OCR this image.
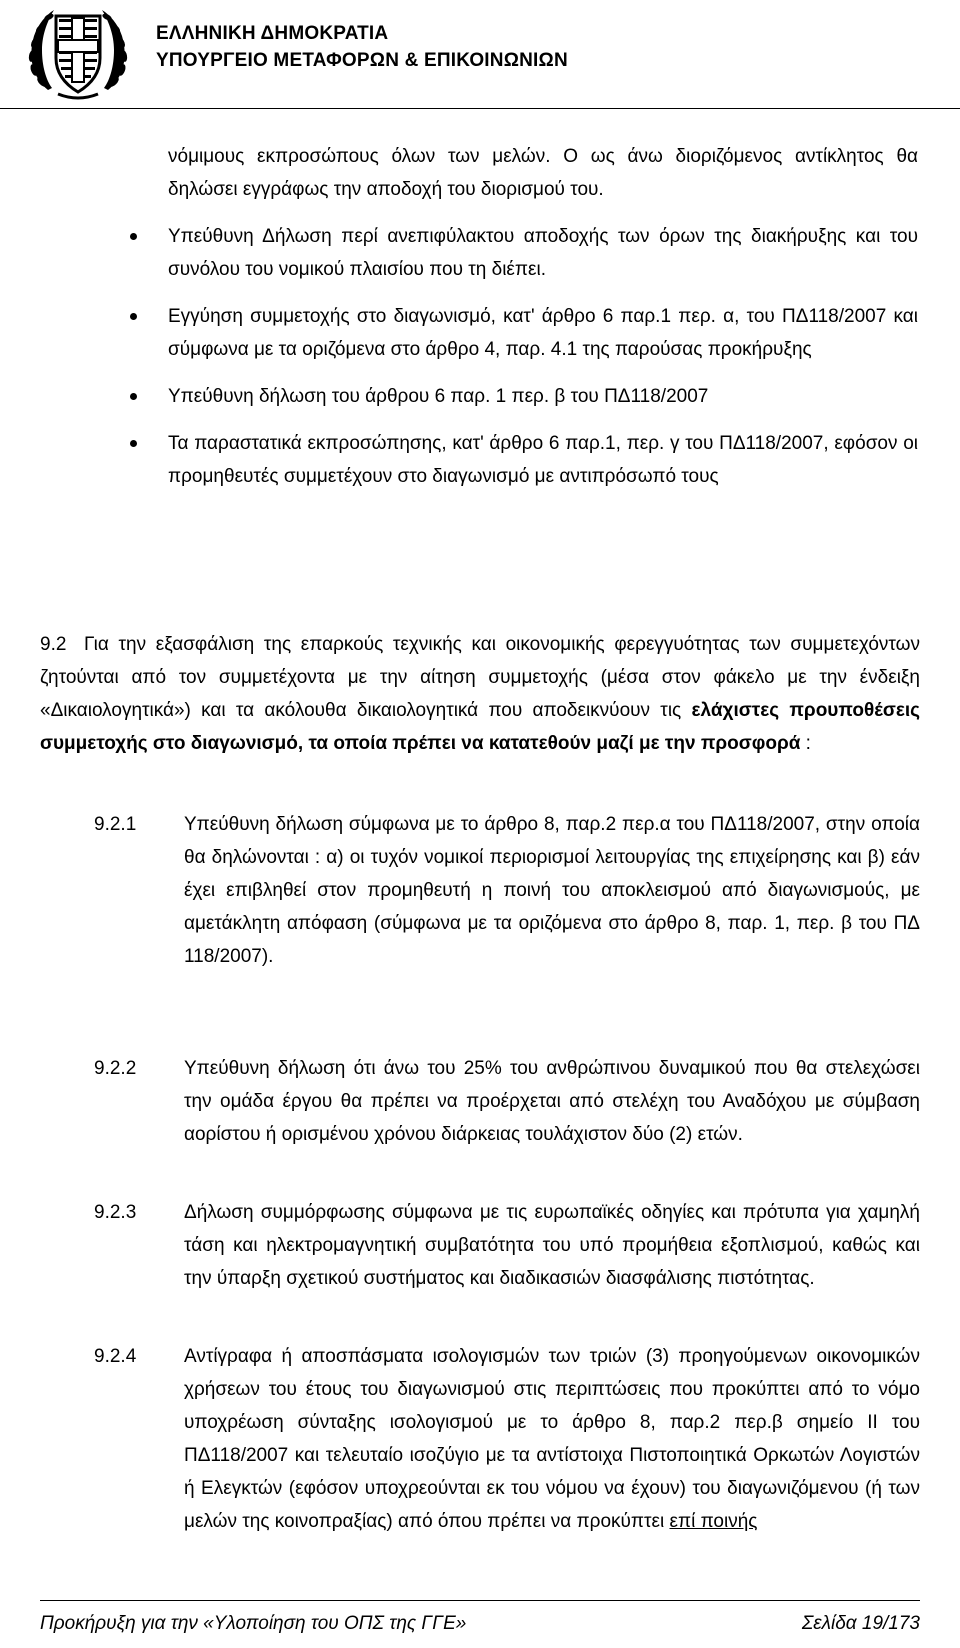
ΕΛΛΗΝΙΚΗ ΔΗΜΟΚΡΑΤΙΑ
ΥΠΟΥΡΓΕΙΟ ΜΕΤΑΦΟΡΩΝ & ΕΠΙΚΟΙΝΩΝΙΩΝ
νόμιμους εκπροσώπους όλων των μελών. Ο ως άνω διοριζόμενος αντίκλητος θα δηλώσει εγγράφως την αποδοχή του διορισμού του.
Υπεύθυνη Δήλωση περί ανεπιφύλακτου αποδοχής των όρων της διακήρυξης και του συνόλου του νομικού πλαισίου που τη διέπει.
Εγγύηση συμμετοχής στο διαγωνισμό, κατ' άρθρο 6 παρ.1 περ. α, του ΠΔ118/2007 και σύμφωνα με τα οριζόμενα στο άρθρο 4, παρ. 4.1 της παρούσας προκήρυξης
Υπεύθυνη δήλωση του άρθρου 6 παρ. 1 περ. β του ΠΔ118/2007
Τα παραστατικά εκπροσώπησης, κατ' άρθρο 6 παρ.1, περ. γ του ΠΔ118/2007, εφόσον οι προμηθευτές συμμετέχουν στο διαγωνισμό με αντιπρόσωπό τους
9.2 Για την εξασφάλιση της επαρκούς τεχνικής και οικονομικής φερεγγυότητας των συμμετεχόντων ζητούνται από τον συμμετέχοντα με την αίτηση συμμετοχής (μέσα στον φάκελο με την ένδειξη «Δικαιολογητικά») και τα ακόλουθα δικαιολογητικά που αποδεικνύουν τις ελάχιστες προυποθέσεις συμμετοχής στο διαγωνισμό, τα οποία πρέπει να κατατεθούν μαζί με την προσφορά :
9.2.1	Υπεύθυνη δήλωση σύμφωνα με το άρθρο 8, παρ.2 περ.α του ΠΔ118/2007, στην οποία θα δηλώνονται : α) οι τυχόν νομικοί περιορισμοί λειτουργίας της επιχείρησης και β) εάν έχει επιβληθεί στον προμηθευτή η ποινή του αποκλεισμού από διαγωνισμούς, με αμετάκλητη απόφαση (σύμφωνα με τα οριζόμενα στο άρθρο 8, παρ. 1, περ. β του ΠΔ 118/2007).
9.2.2	Υπεύθυνη δήλωση ότι άνω του 25% του ανθρώπινου δυναμικού που θα στελεχώσει την ομάδα έργου θα πρέπει να προέρχεται από στελέχη του Αναδόχου με σύμβαση αορίστου ή ορισμένου χρόνου διάρκειας τουλάχιστον δύο (2) ετών.
9.2.3	Δήλωση συμμόρφωσης σύμφωνα με τις ευρωπαϊκές οδηγίες και πρότυπα για χαμηλή τάση και ηλεκτρομαγνητική συμβατότητα του υπό προμήθεια εξοπλισμού, καθώς και την ύπαρξη σχετικού συστήματος και διαδικασιών διασφάλισης πιστότητας.
9.2.4	Αντίγραφα ή αποσπάσματα ισολογισμών των τριών (3) προηγούμενων οικονομικών χρήσεων του έτους του διαγωνισμού στις περιπτώσεις που προκύπτει από το νόμο υποχρέωση σύνταξης ισολογισμού με το άρθρο 8, παρ.2 περ.β σημείο ΙΙ του ΠΔ118/2007 και τελευταίο ισοζύγιο με τα αντίστοιχα Πιστοποιητικά Ορκωτών Λογιστών ή Ελεγκτών (εφόσον υποχρεούνται εκ του νόμου να έχουν) του διαγωνιζόμενου (ή των μελών της κοινοπραξίας) από όπου πρέπει να προκύπτει επί ποινής
Προκήρυξη για την «Υλοποίηση του ΟΠΣ της ΓΓΕ»	Σελίδα 19/173
